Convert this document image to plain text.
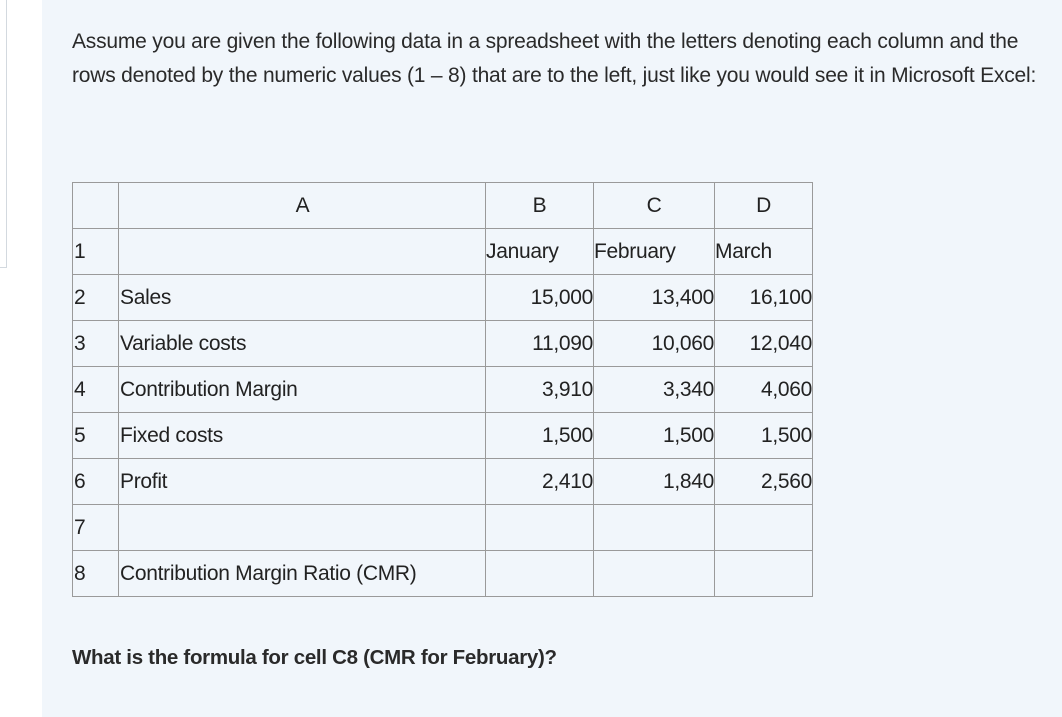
Assume you are given the following data in a spreadsheet with the letters denoting each column and the rows denoted by the numeric values (1 – 8) that are to the left, just like you would see it in Microsoft Excel:

	A	B	C	D
1		January	February	March
2	Sales	15,000	13,400	16,100
3	Variable costs	11,090	10,060	12,040
4	Contribution Margin	3,910	3,340	4,060
5	Fixed costs	1,500	1,500	1,500
6	Profit	2,410	1,840	2,560
7				
8	Contribution Margin Ratio (CMR)			

What is the formula for cell C8 (CMR for February)?
